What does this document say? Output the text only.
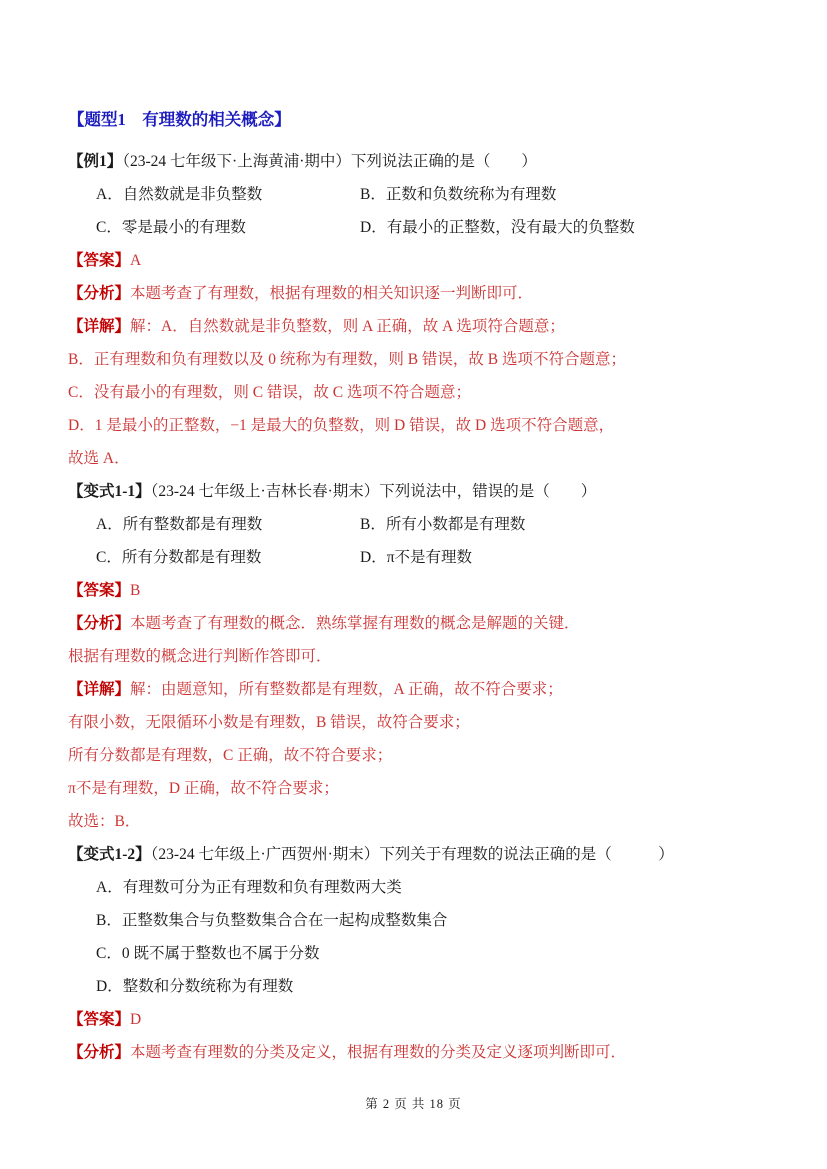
【题型1　有理数的相关概念】

【例1】（23-24 七年级下·上海黄浦·期中）下列说法正确的是（　　）

A．自然数就是非负整数	B．正数和负数统称为有理数

C．零是最小的有理数	D．有最小的正整数，没有最大的负整数

【答案】A

【分析】本题考查了有理数，根据有理数的相关知识逐一判断即可．

【详解】解：A．自然数就是非负整数，则 A 正确，故 A 选项符合题意；

B．正有理数和负有理数以及 0 统称为有理数，则 B 错误，故 B 选项不符合题意；

C．没有最小的有理数，则 C 错误，故 C 选项不符合题意；

D．1 是最小的正整数，−1 是最大的负整数，则 D 错误，故 D 选项不符合题意，

故选 A．

【变式1-1】（23-24 七年级上·吉林长春·期末）下列说法中，错误的是（　　）

A．所有整数都是有理数	B．所有小数都是有理数

C．所有分数都是有理数	D．π不是有理数

【答案】B

【分析】本题考查了有理数的概念．熟练掌握有理数的概念是解题的关键．

根据有理数的概念进行判断作答即可．

【详解】解：由题意知，所有整数都是有理数，A 正确，故不符合要求；

有限小数，无限循环小数是有理数，B 错误，故符合要求；

所有分数都是有理数，C 正确，故不符合要求；

π不是有理数，D 正确，故不符合要求；

故选：B．

【变式1-2】（23-24 七年级上·广西贺州·期末）下列关于有理数的说法正确的是（　　　）

A．有理数可分为正有理数和负有理数两大类

B．正整数集合与负整数集合合在一起构成整数集合

C．0 既不属于整数也不属于分数

D．整数和分数统称为有理数

【答案】D

【分析】本题考查有理数的分类及定义，根据有理数的分类及定义逐项判断即可．

第 2 页 共 18 页
